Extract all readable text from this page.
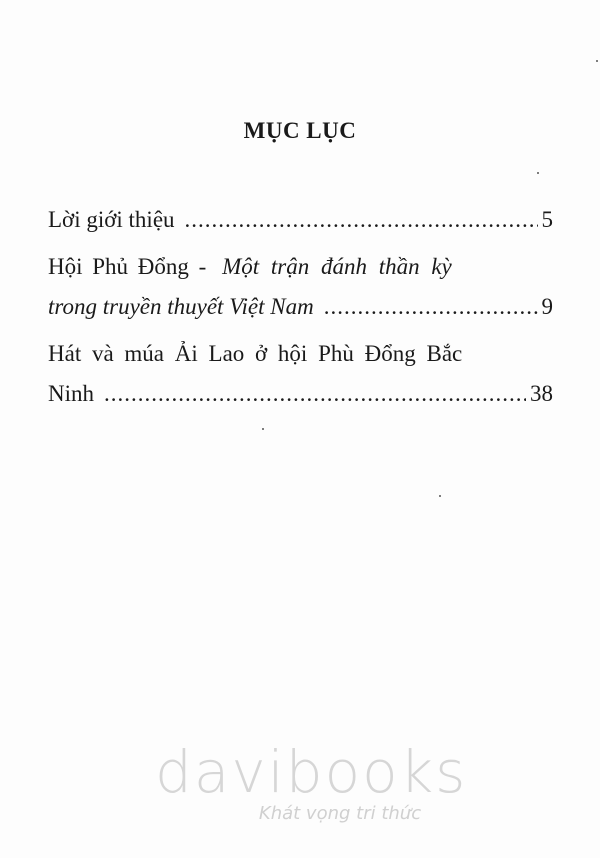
MỤC LỤC
Lời giới thiệu .....	5
Hội Phủ Đổng - Một trận đánh thần kỳ
trong truyền thuyết Việt Nam .....	9
Hát và múa Ải Lao ở hội Phù Đổng Bắc
Ninh .....	38
davibooks
Khát vọng tri thức
